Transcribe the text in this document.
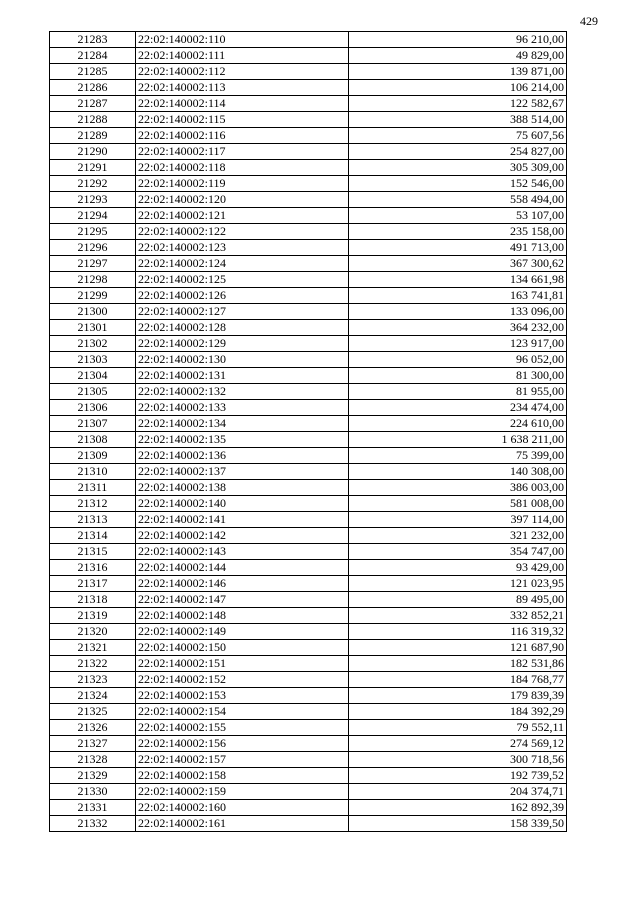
429
21283	22:02:140002:110	96 210,00
21284	22:02:140002:111	49 829,00
21285	22:02:140002:112	139 871,00
21286	22:02:140002:113	106 214,00
21287	22:02:140002:114	122 582,67
21288	22:02:140002:115	388 514,00
21289	22:02:140002:116	75 607,56
21290	22:02:140002:117	254 827,00
21291	22:02:140002:118	305 309,00
21292	22:02:140002:119	152 546,00
21293	22:02:140002:120	558 494,00
21294	22:02:140002:121	53 107,00
21295	22:02:140002:122	235 158,00
21296	22:02:140002:123	491 713,00
21297	22:02:140002:124	367 300,62
21298	22:02:140002:125	134 661,98
21299	22:02:140002:126	163 741,81
21300	22:02:140002:127	133 096,00
21301	22:02:140002:128	364 232,00
21302	22:02:140002:129	123 917,00
21303	22:02:140002:130	96 052,00
21304	22:02:140002:131	81 300,00
21305	22:02:140002:132	81 955,00
21306	22:02:140002:133	234 474,00
21307	22:02:140002:134	224 610,00
21308	22:02:140002:135	1 638 211,00
21309	22:02:140002:136	75 399,00
21310	22:02:140002:137	140 308,00
21311	22:02:140002:138	386 003,00
21312	22:02:140002:140	581 008,00
21313	22:02:140002:141	397 114,00
21314	22:02:140002:142	321 232,00
21315	22:02:140002:143	354 747,00
21316	22:02:140002:144	93 429,00
21317	22:02:140002:146	121 023,95
21318	22:02:140002:147	89 495,00
21319	22:02:140002:148	332 852,21
21320	22:02:140002:149	116 319,32
21321	22:02:140002:150	121 687,90
21322	22:02:140002:151	182 531,86
21323	22:02:140002:152	184 768,77
21324	22:02:140002:153	179 839,39
21325	22:02:140002:154	184 392,29
21326	22:02:140002:155	79 552,11
21327	22:02:140002:156	274 569,12
21328	22:02:140002:157	300 718,56
21329	22:02:140002:158	192 739,52
21330	22:02:140002:159	204 374,71
21331	22:02:140002:160	162 892,39
21332	22:02:140002:161	158 339,50
